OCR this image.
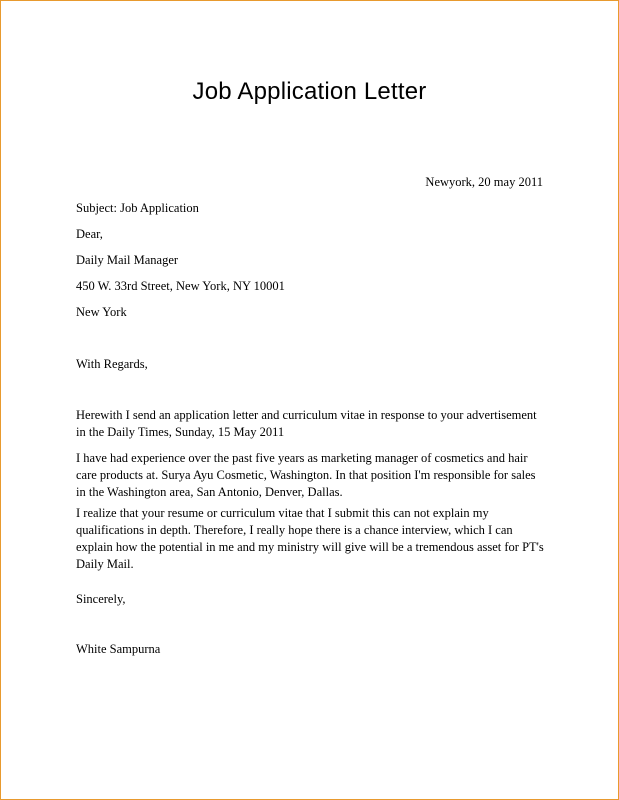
Job Application Letter
Newyork, 20 may 2011

Subject: Job Application

Dear,

Daily Mail Manager

450 W. 33rd Street, New York, NY 10001

New York

With Regards,

Herewith I send an application letter and curriculum vitae in response to your advertisement in the Daily Times, Sunday, 15 May 2011

I have had experience over the past five years as marketing manager of cosmetics and hair care products at. Surya Ayu Cosmetic, Washington. In that position I'm responsible for sales in the Washington area, San Antonio, Denver, Dallas.

I realize that your resume or curriculum vitae that I submit this can not explain my qualifications in depth. Therefore, I really hope there is a chance interview, which I can explain how the potential in me and my ministry will give will be a tremendous asset for PT's Daily Mail.

Sincerely,

White Sampurna
